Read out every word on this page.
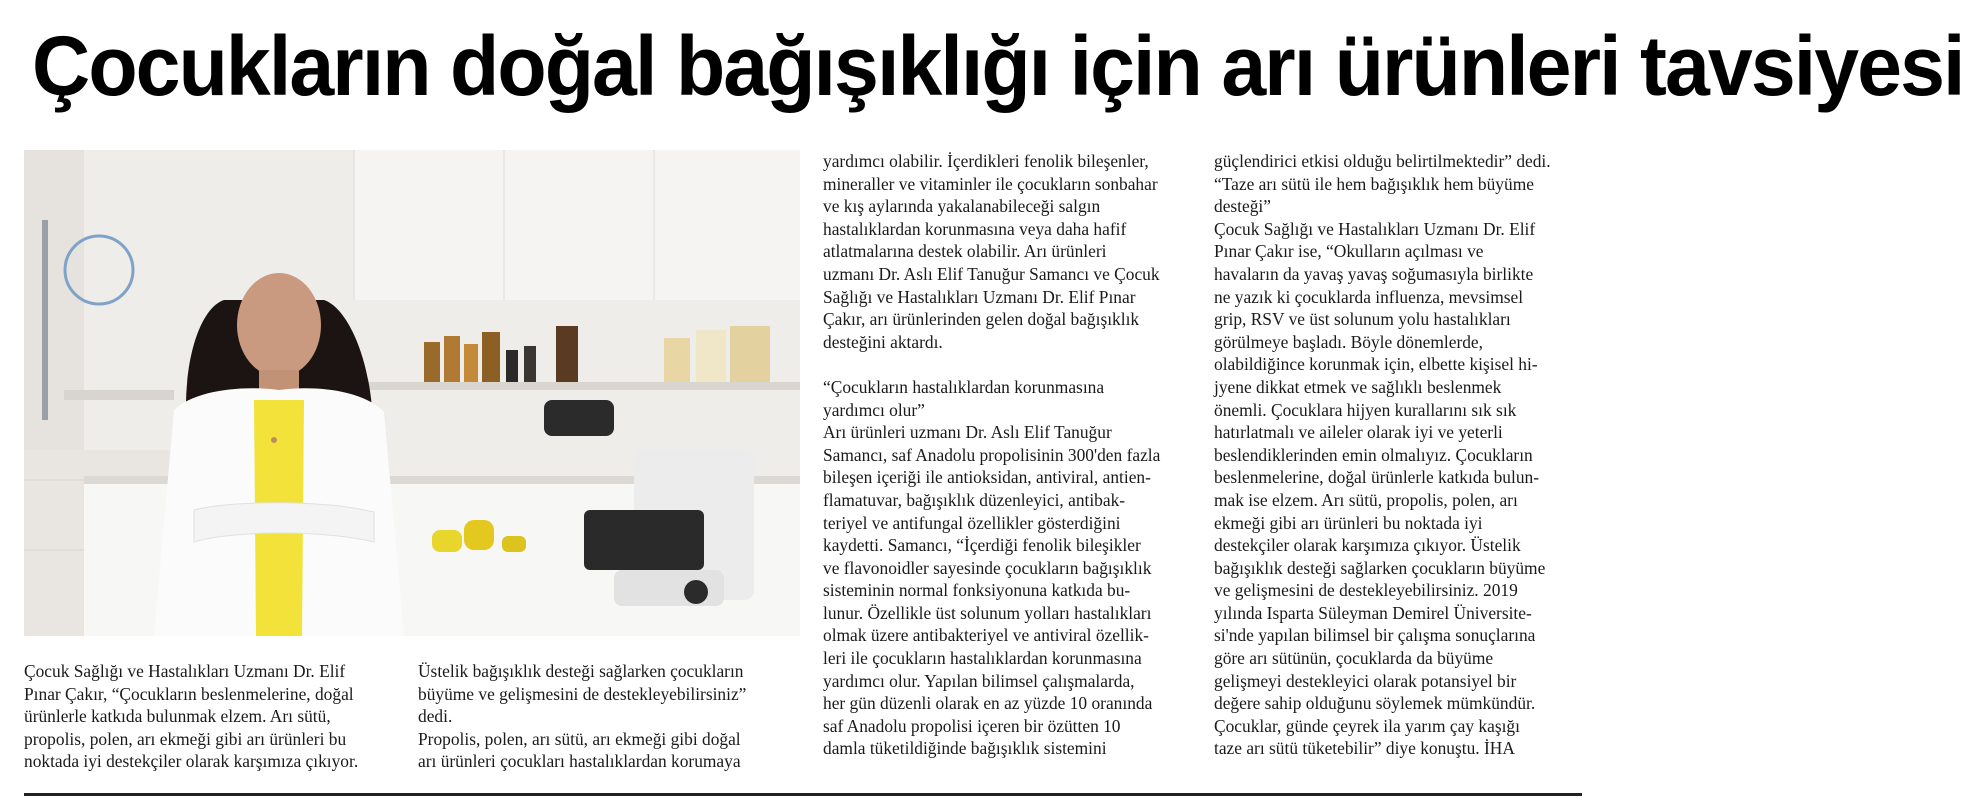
Çocukların doğal bağışıklığı için arı ürünleri tavsiyesi
Çocuk Sağlığı ve Hastalıkları Uzmanı Dr. Elif
Pınar Çakır, “Çocukların beslenmelerine, doğal
ürünlerle katkıda bulunmak elzem. Arı sütü,
propolis, polen, arı ekmeği gibi arı ürünleri bu
noktada iyi destekçiler olarak karşımıza çıkıyor.
Üstelik bağışıklık desteği sağlarken çocukların
büyüme ve gelişmesini de destekleyebilirsiniz”
dedi.
Propolis, polen, arı sütü, arı ekmeği gibi doğal
arı ürünleri çocukları hastalıklardan korumaya
yardımcı olabilir. İçerdikleri fenolik bileşenler,
mineraller ve vitaminler ile çocukların sonbahar
ve kış aylarında yakalanabileceği salgın
hastalıklardan korunmasına veya daha hafif
atlatmalarına destek olabilir. Arı ürünleri
uzmanı Dr. Aslı Elif Tanuğur Samancı ve Çocuk
Sağlığı ve Hastalıkları Uzmanı Dr. Elif Pınar
Çakır, arı ürünlerinden gelen doğal bağışıklık
desteğini aktardı.

“Çocukların hastalıklardan korunmasına
yardımcı olur”
Arı ürünleri uzmanı Dr. Aslı Elif Tanuğur
Samancı, saf Anadolu propolisinin 300'den fazla
bileşen içeriği ile antioksidan, antiviral, antien-
flamatuvar, bağışıklık düzenleyici, antibak-
teriyel ve antifungal özellikler gösterdiğini
kaydetti. Samancı, “İçerdiği fenolik bileşikler
ve flavonoidler sayesinde çocukların bağışıklık
sisteminin normal fonksiyonuna katkıda bu-
lunur. Özellikle üst solunum yolları hastalıkları
olmak üzere antibakteriyel ve antiviral özellik-
leri ile çocukların hastalıklardan korunmasına
yardımcı olur. Yapılan bilimsel çalışmalarda,
her gün düzenli olarak en az yüzde 10 oranında
saf Anadolu propolisi içeren bir özütten 10
damla tüketildiğinde bağışıklık sistemini
güçlendirici etkisi olduğu belirtilmektedir” dedi.
“Taze arı sütü ile hem bağışıklık hem büyüme
desteği”
Çocuk Sağlığı ve Hastalıkları Uzmanı Dr. Elif
Pınar Çakır ise, “Okulların açılması ve
havaların da yavaş yavaş soğumasıyla birlikte
ne yazık ki çocuklarda influenza, mevsimsel
grip, RSV ve üst solunum yolu hastalıkları
görülmeye başladı. Böyle dönemlerde,
olabildiğince korunmak için, elbette kişisel hi-
jyene dikkat etmek ve sağlıklı beslenmek
önemli. Çocuklara hijyen kurallarını sık sık
hatırlatmalı ve aileler olarak iyi ve yeterli
beslendiklerinden emin olmalıyız. Çocukların
beslenmelerine, doğal ürünlerle katkıda bulun-
mak ise elzem. Arı sütü, propolis, polen, arı
ekmeği gibi arı ürünleri bu noktada iyi
destekçiler olarak karşımıza çıkıyor. Üstelik
bağışıklık desteği sağlarken çocukların büyüme
ve gelişmesini de destekleyebilirsiniz. 2019
yılında Isparta Süleyman Demirel Üniversite-
si'nde yapılan bilimsel bir çalışma sonuçlarına
göre arı sütünün, çocuklarda da büyüme
gelişmeyi destekleyici olarak potansiyel bir
değere sahip olduğunu söylemek mümkündür.
Çocuklar, günde çeyrek ila yarım çay kaşığı
taze arı sütü tüketebilir” diye konuştu. İHA
